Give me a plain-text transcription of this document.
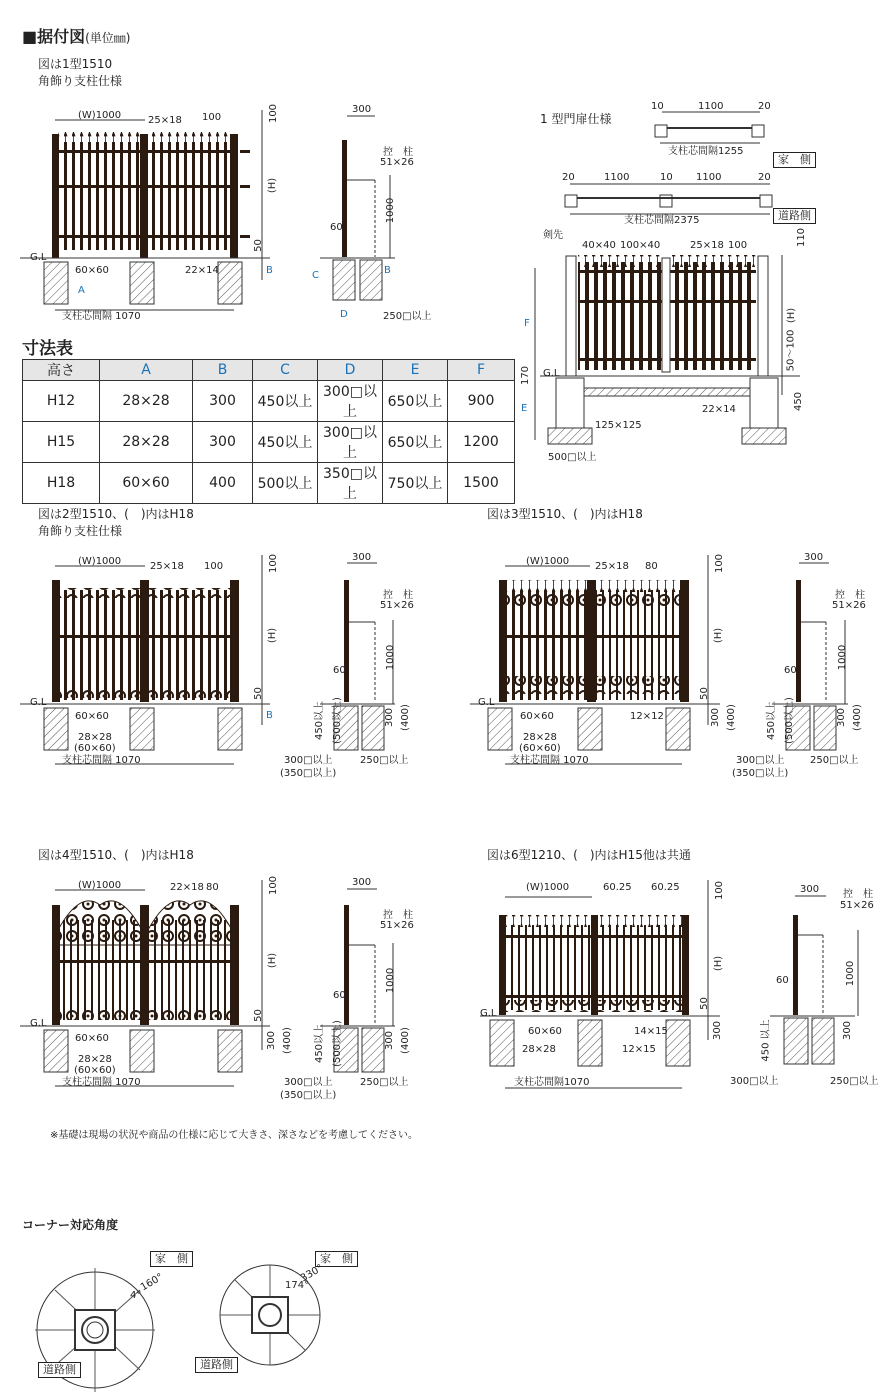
■据付図(単位㎜)
図は1型1510
角飾り支柱仕様
(W)1000	25×18 100	100
(H)
50
G.L
60×60	22×14
A
B
支柱芯間隔 1070
300
控　柱
51×26
1000
60
C
D
B
250□以上
1 型門扉仕様
10	1100	20
支柱芯間隔1255
家　側
20	1100	10 1100	20
支柱芯間隔2375	道路側
剣先
40×40 100×40	25×18 100	110
F
(H)
50〜100
170 G.L
22×14	450
E
125×125
500□以上
寸法表
高さ	A	B	C	D	E	F
H12	28×28	300	450以上	300□以上	650以上	900
H15	28×28	300	450以上	300□以上	650以上	1200
H18	60×60	400	500以上	350□以上	750以上	1500
図は2型1510、(　)内はH18
角飾り支柱仕様
(W)1000	25×18 100	100
(H)
50
B
G.L
60×60
28×28
(60×60)
支柱芯間隔 1070
300
控　柱
51×26
1000
60
450以上 (500以上)	300 (400)
300□以上
(350□以上)
250□以上
図は3型1510、(　)内はH18
(W)1000	25×18 80	100
(H)
50
300 (400)
G.L
60×60	12×12
28×28
(60×60)
支柱芯間隔 1070
300
控　柱
51×26
1000
60
450以上 (500以上)	300 (400)
300□以上
(350□以上)
250□以上
図は4型1510、(　)内はH18
(W)1000	22×18 80	100
(H)
50
300 (400)
G.L
60×60
28×28
(60×60)
支柱芯間隔 1070
300
控　柱
51×26
1000
60
450以上 (500以上)	300 (400)
300□以上
(350□以上)
250□以上
図は6型1210、(　)内はH15他は共通
(W)1000	60.25 60.25	100
(H)
50
300
G.L
60×60	14×15
28×28	12×15
支柱芯間隔1070
300 控　柱
51×26
1000
60
450 以上	300
300□以上	250□以上
※基礎は現場の状況や商品の仕様に応じて大きさ、深さなどを考慮してください。
コーナー対応角度
家　側
160°
4°
道路側
家　側
330°
174°
道路側
